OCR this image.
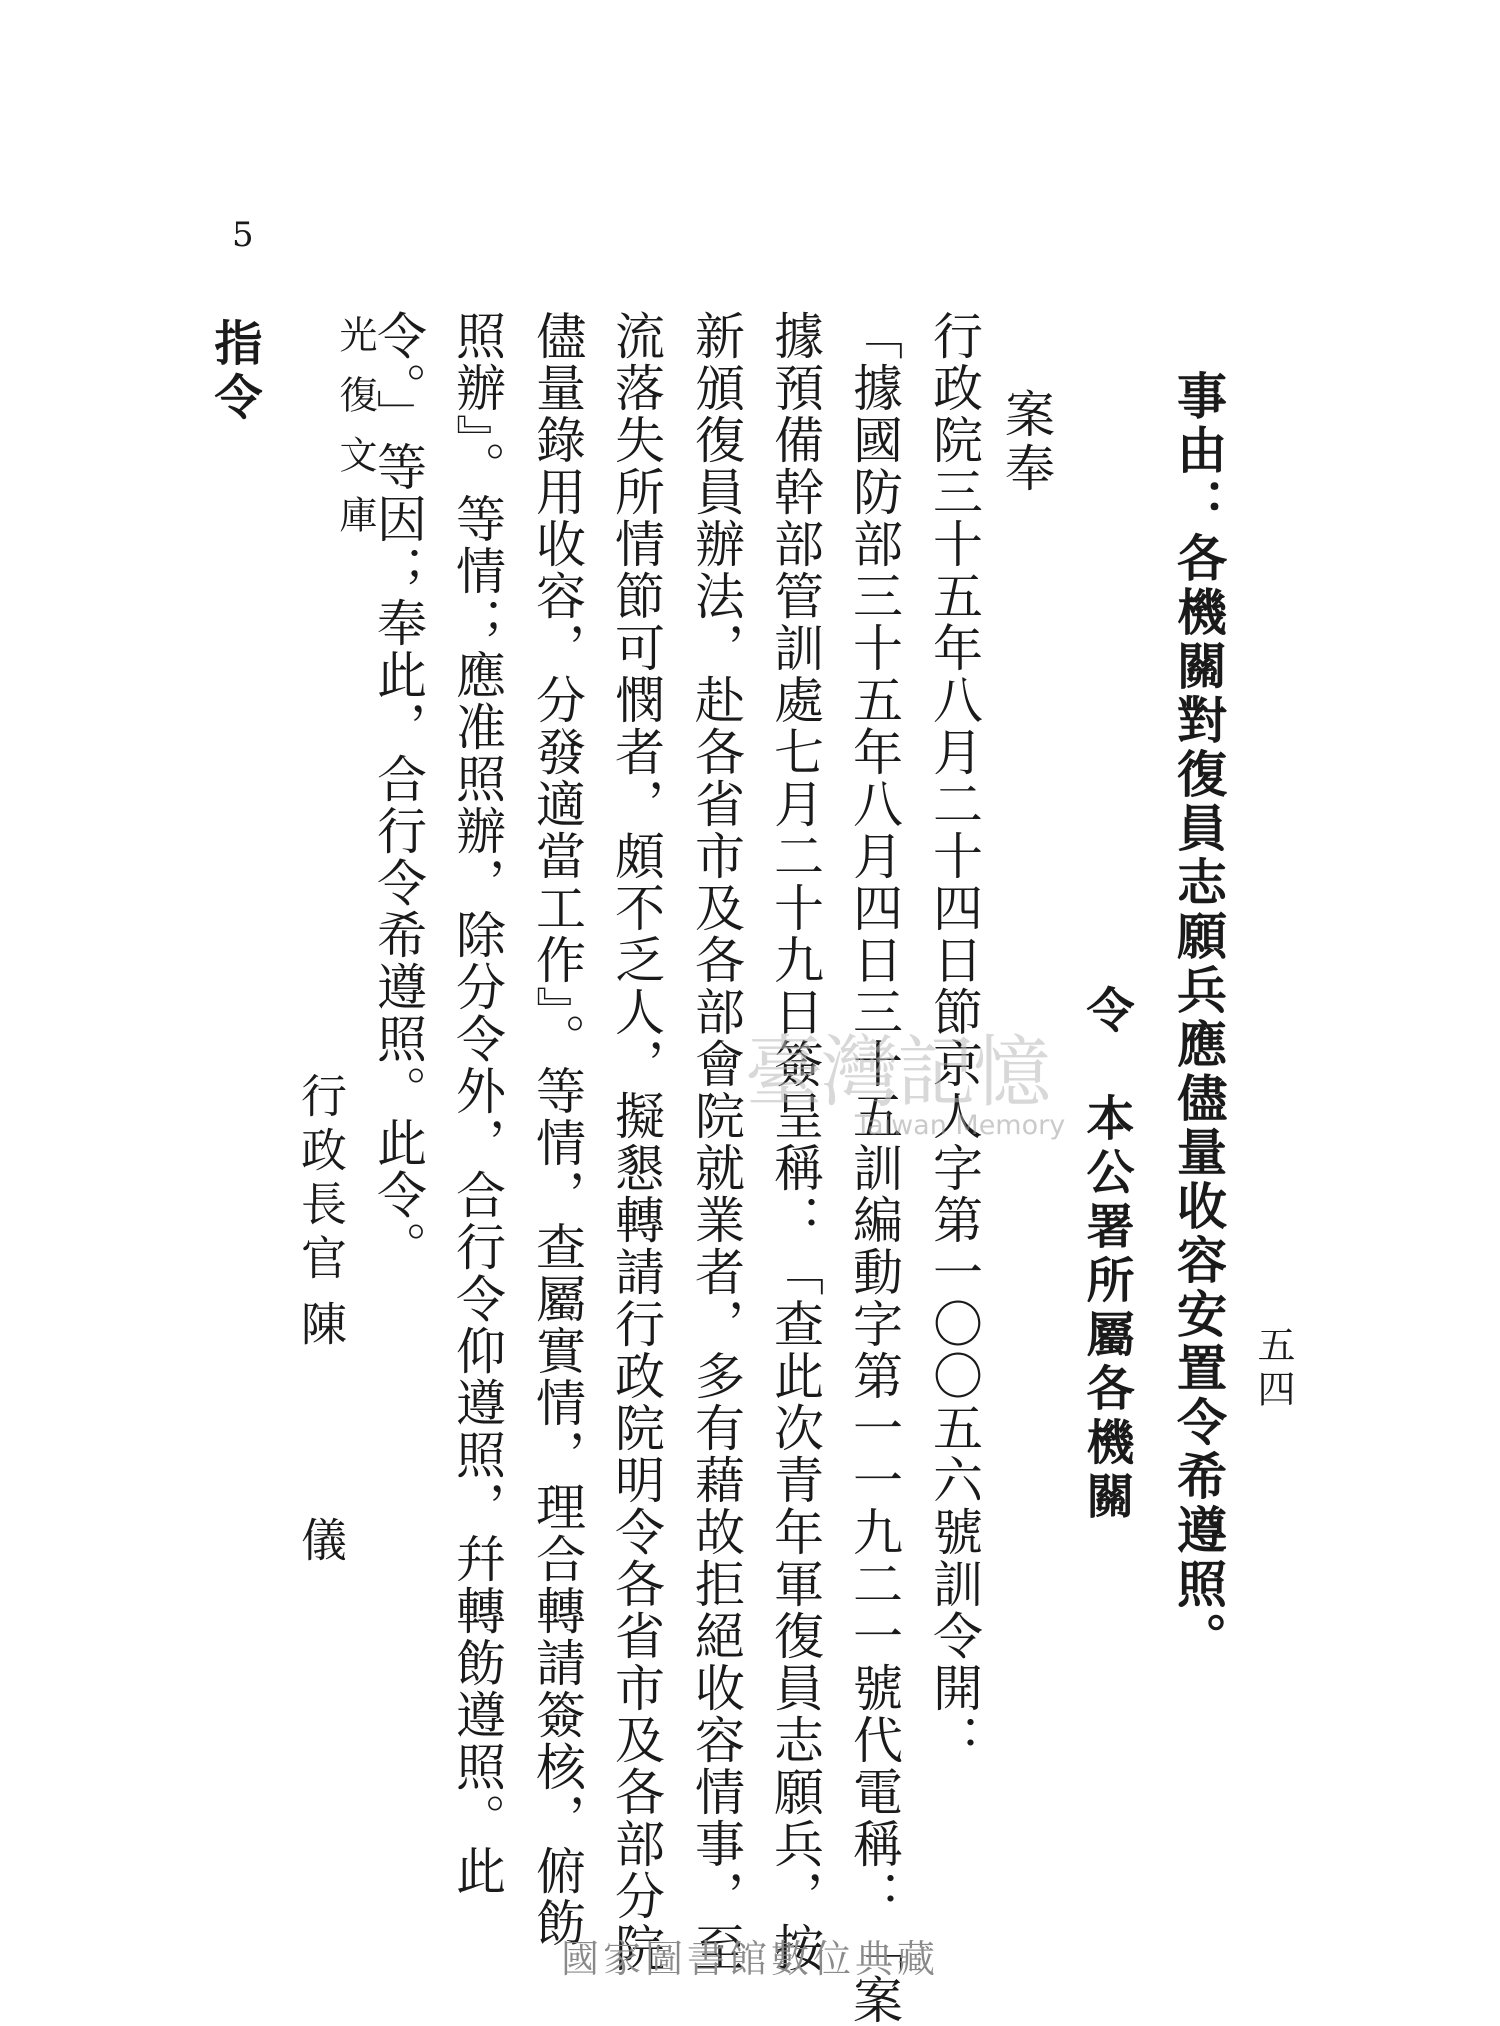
光復文庫
五四
事由：各機關對復員志願兵應儘量收容安置令希遵照。
令　本公署所屬各機關
案奉
行政院三十五年八月二十四日節京人字第一〇〇五六號訓令開：
「據國防部三十五年八月四日三十五訓編動字第一一九二一號代電稱：「案
據預備幹部管訓處七月二十九日簽呈稱：「查此次青年軍復員志願兵，按
新頒復員辦法，赴各省市及各部會院就業者，多有藉故拒絕收容情事，至
流落失所情節可憫者，頗不乏人，擬懇轉請行政院明令各省市及各部分院
儘量錄用收容，分發適當工作』。等情，查屬實情，理合轉請簽核，俯飭
照辦』。等情；應准照辦，除分令外，合行令仰遵照，幷轉飭遵照。此
令。」等因；奉此，合行令希遵照。此令。
行政長官
陳　　　儀
5
指令
臺灣記憶
Taiwan Memory
國家圖書館數位典藏
